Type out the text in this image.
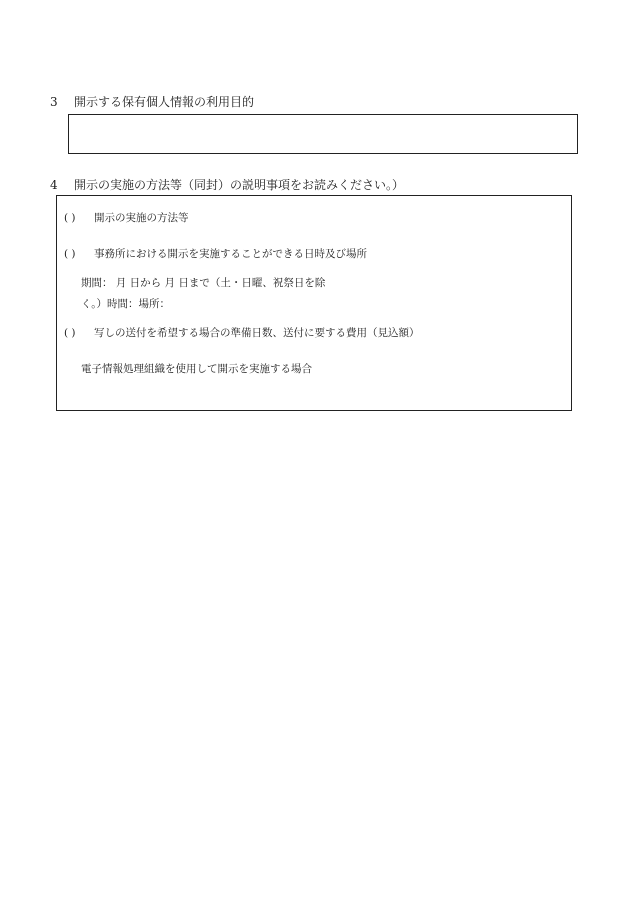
3 開示する保有個人情報の利用目的
4 開示の実施の方法等（同封）の説明事項をお読みください。）
( ) 開示の実施の方法等
( ) 事務所における開示を実施することができる日時及び場所
期間： 月 日から 月 日まで（土・日曜、祝祭日を除
く。）時間：場所：
( ) 写しの送付を希望する場合の準備日数、送付に要する費用（見込額）
電子情報処理組織を使用して開示を実施する場合
